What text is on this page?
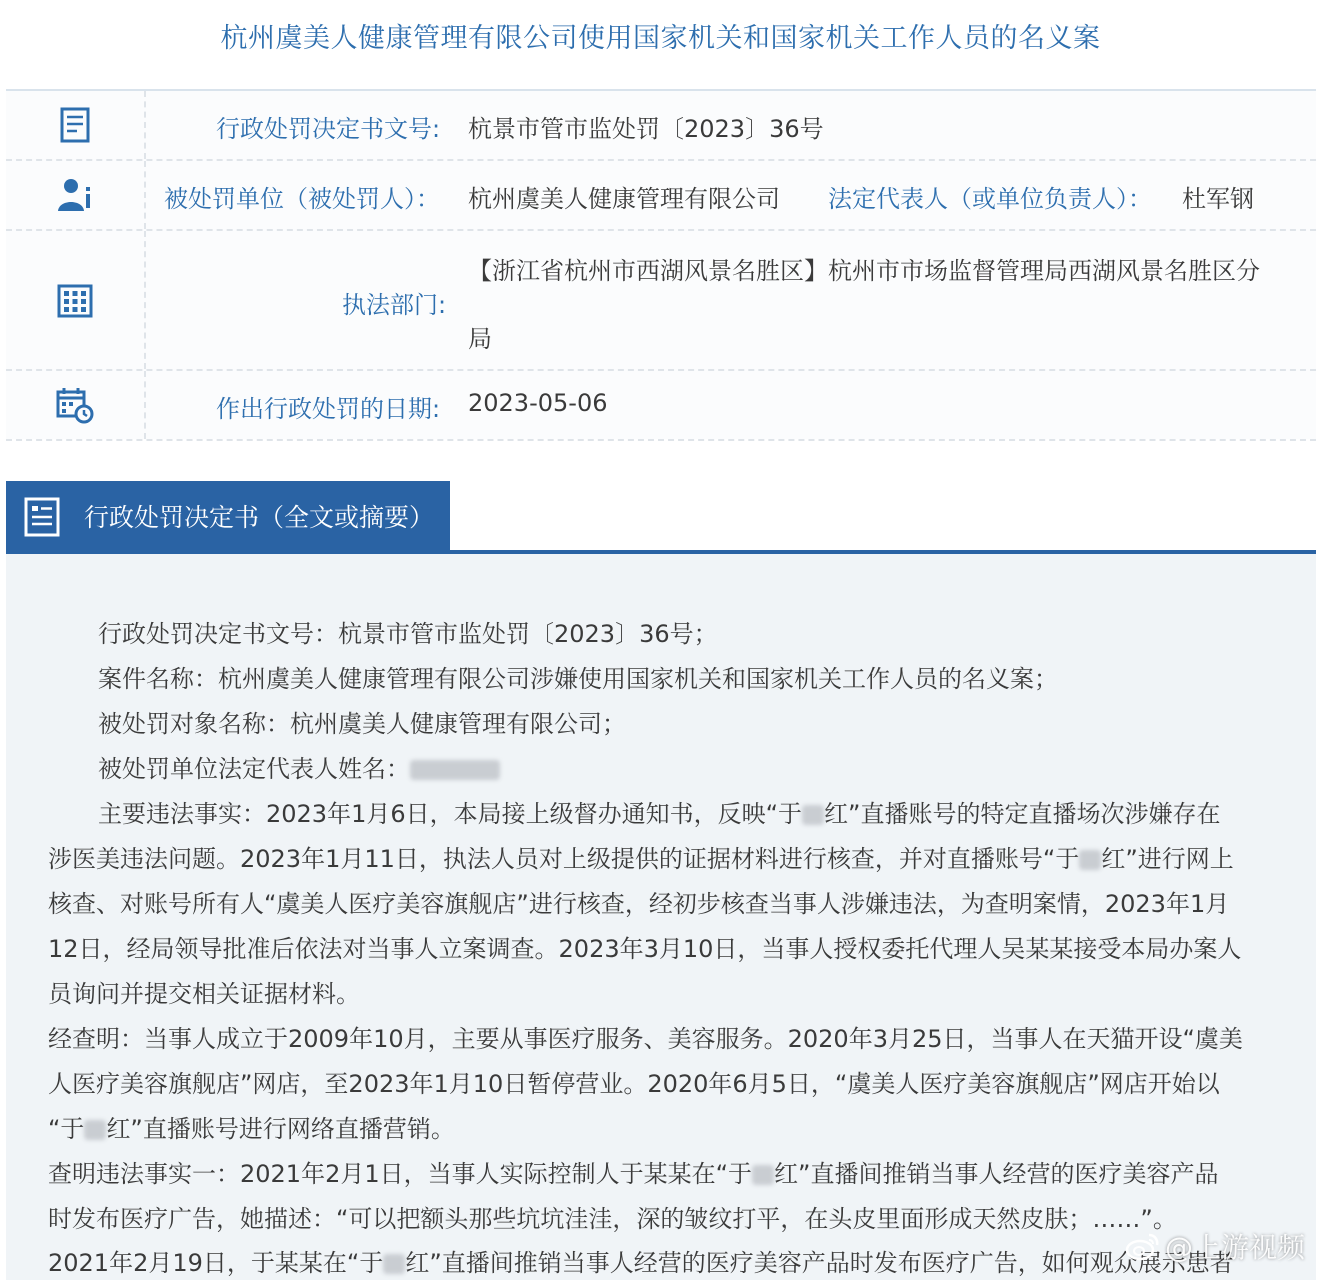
杭州虞美人健康管理有限公司使用国家机关和国家机关工作人员的名义案
行政处罚决定书文号: 杭景市管市监处罚〔2023〕36号
被处罚单位（被处罚人）： 杭州虞美人健康管理有限公司 法定代表人（或单位负责人）： 杜军钢
执法部门:
【浙江省杭州市西湖风景名胜区】杭州市市场监督管理局西湖风景名胜区分
局
作出行政处罚的日期: 2023-05-06
行政处罚决定书（全文或摘要）
行政处罚决定书文号：杭景市管市监处罚〔2023〕36号；
案件名称：杭州虞美人健康管理有限公司涉嫌使用国家机关和国家机关工作人员的名义案；
被处罚对象名称：杭州虞美人健康管理有限公司；
被处罚单位法定代表人姓名：
主要违法事实：2023年1月6日，本局接上级督办通知书，反映“于 红”直播账号的特定直播场次涉嫌存在
涉医美违法问题。2023年1月11日，执法人员对上级提供的证据材料进行核查，并对直播账号“于 红”进行网上
核查、对账号所有人“虞美人医疗美容旗舰店”进行核查，经初步核查当事人涉嫌违法，为查明案情，2023年1月
12日，经局领导批准后依法对当事人立案调查。2023年3月10日，当事人授权委托代理人吴某某接受本局办案人
员询问并提交相关证据材料。
经查明：当事人成立于2009年10月，主要从事医疗服务、美容服务。2020年3月25日，当事人在天猫开设“虞美
人医疗美容旗舰店”网店，至2023年1月10日暂停营业。2020年6月5日，“虞美人医疗美容旗舰店”网店开始以
“于 红”直播账号进行网络直播营销。
查明违法事实一：2021年2月1日，当事人实际控制人于某某在“于 红”直播间推销当事人经营的医疗美容产品
时发布医疗广告，她描述：“可以把额头那些坑坑洼洼，深的皱纹打平，在头皮里面形成天然皮肤；……”。
2021年2月19日，于某某在“于 红”直播间推销当事人经营的医疗美容产品时发布医疗广告，如何观众展示患者
@上游视频
